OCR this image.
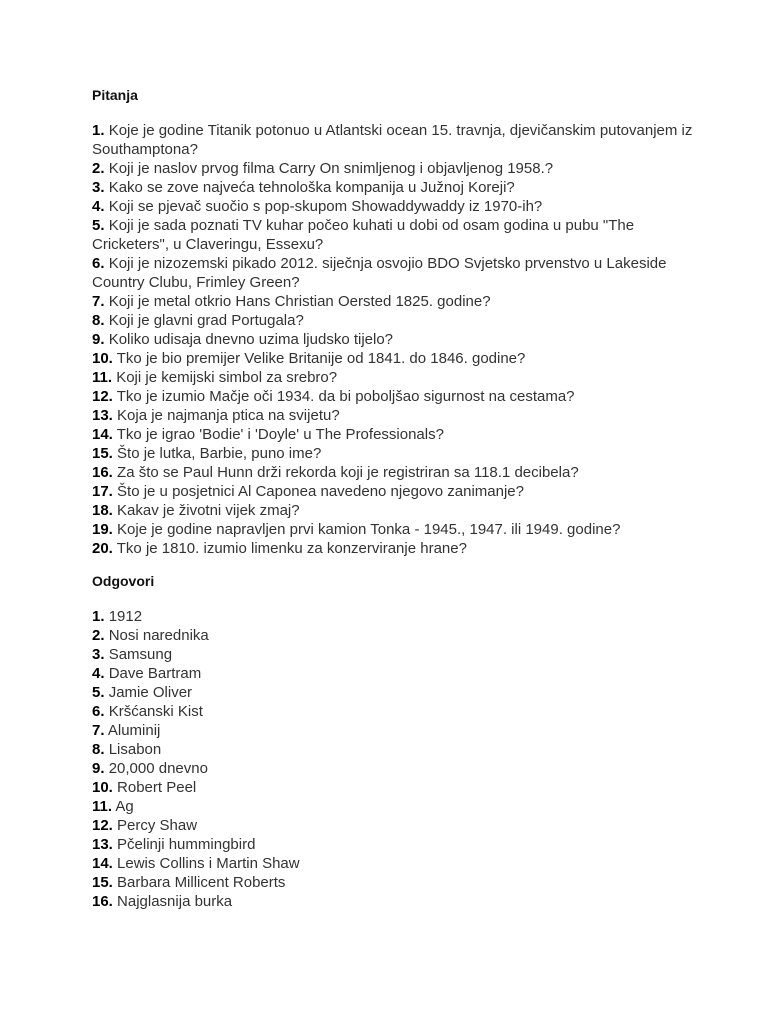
Pitanja

1. Koje je godine Titanik potonuo u Atlantski ocean 15. travnja, djevičanskim putovanjem iz Southamptona?

2. Koji je naslov prvog filma Carry On snimljenog i objavljenog 1958.?

3. Kako se zove najveća tehnološka kompanija u Južnoj Koreji?

4. Koji se pjevač suočio s pop-skupom Showaddywaddy iz 1970-ih?

5. Koji je sada poznati TV kuhar počeo kuhati u dobi od osam godina u pubu "The Cricketers", u Claveringu, Essexu?

6. Koji je nizozemski pikado 2012. siječnja osvojio BDO Svjetsko prvenstvo u Lakeside Country Clubu, Frimley Green?

7. Koji je metal otkrio Hans Christian Oersted 1825. godine?

8. Koji je glavni grad Portugala?

9. Koliko udisaja dnevno uzima ljudsko tijelo?

10. Tko je bio premijer Velike Britanije od 1841. do 1846. godine?

11. Koji je kemijski simbol za srebro?

12. Tko je izumio Mačje oči 1934. da bi poboljšao sigurnost na cestama?

13. Koja je najmanja ptica na svijetu?

14. Tko je igrao 'Bodie' i 'Doyle' u The Professionals?

15. Što je lutka, Barbie, puno ime?

16. Za što se Paul Hunn drži rekorda koji je registriran sa 118.1 decibela?

17. Što je u posjetnici Al Caponea navedeno njegovo zanimanje?

18. Kakav je životni vijek zmaj?

19. Koje je godine napravljen prvi kamion Tonka - 1945., 1947. ili 1949. godine?

20. Tko je 1810. izumio limenku za konzerviranje hrane?

Odgovori

1. 1912

2. Nosi narednika

3. Samsung

4. Dave Bartram

5. Jamie Oliver

6. Kršćanski Kist

7. Aluminij

8. Lisabon

9. 20,000 dnevno

10. Robert Peel

11. Ag

12. Percy Shaw

13. Pčelinji hummingbird

14. Lewis Collins i Martin Shaw

15. Barbara Millicent Roberts

16. Najglasnija burka
